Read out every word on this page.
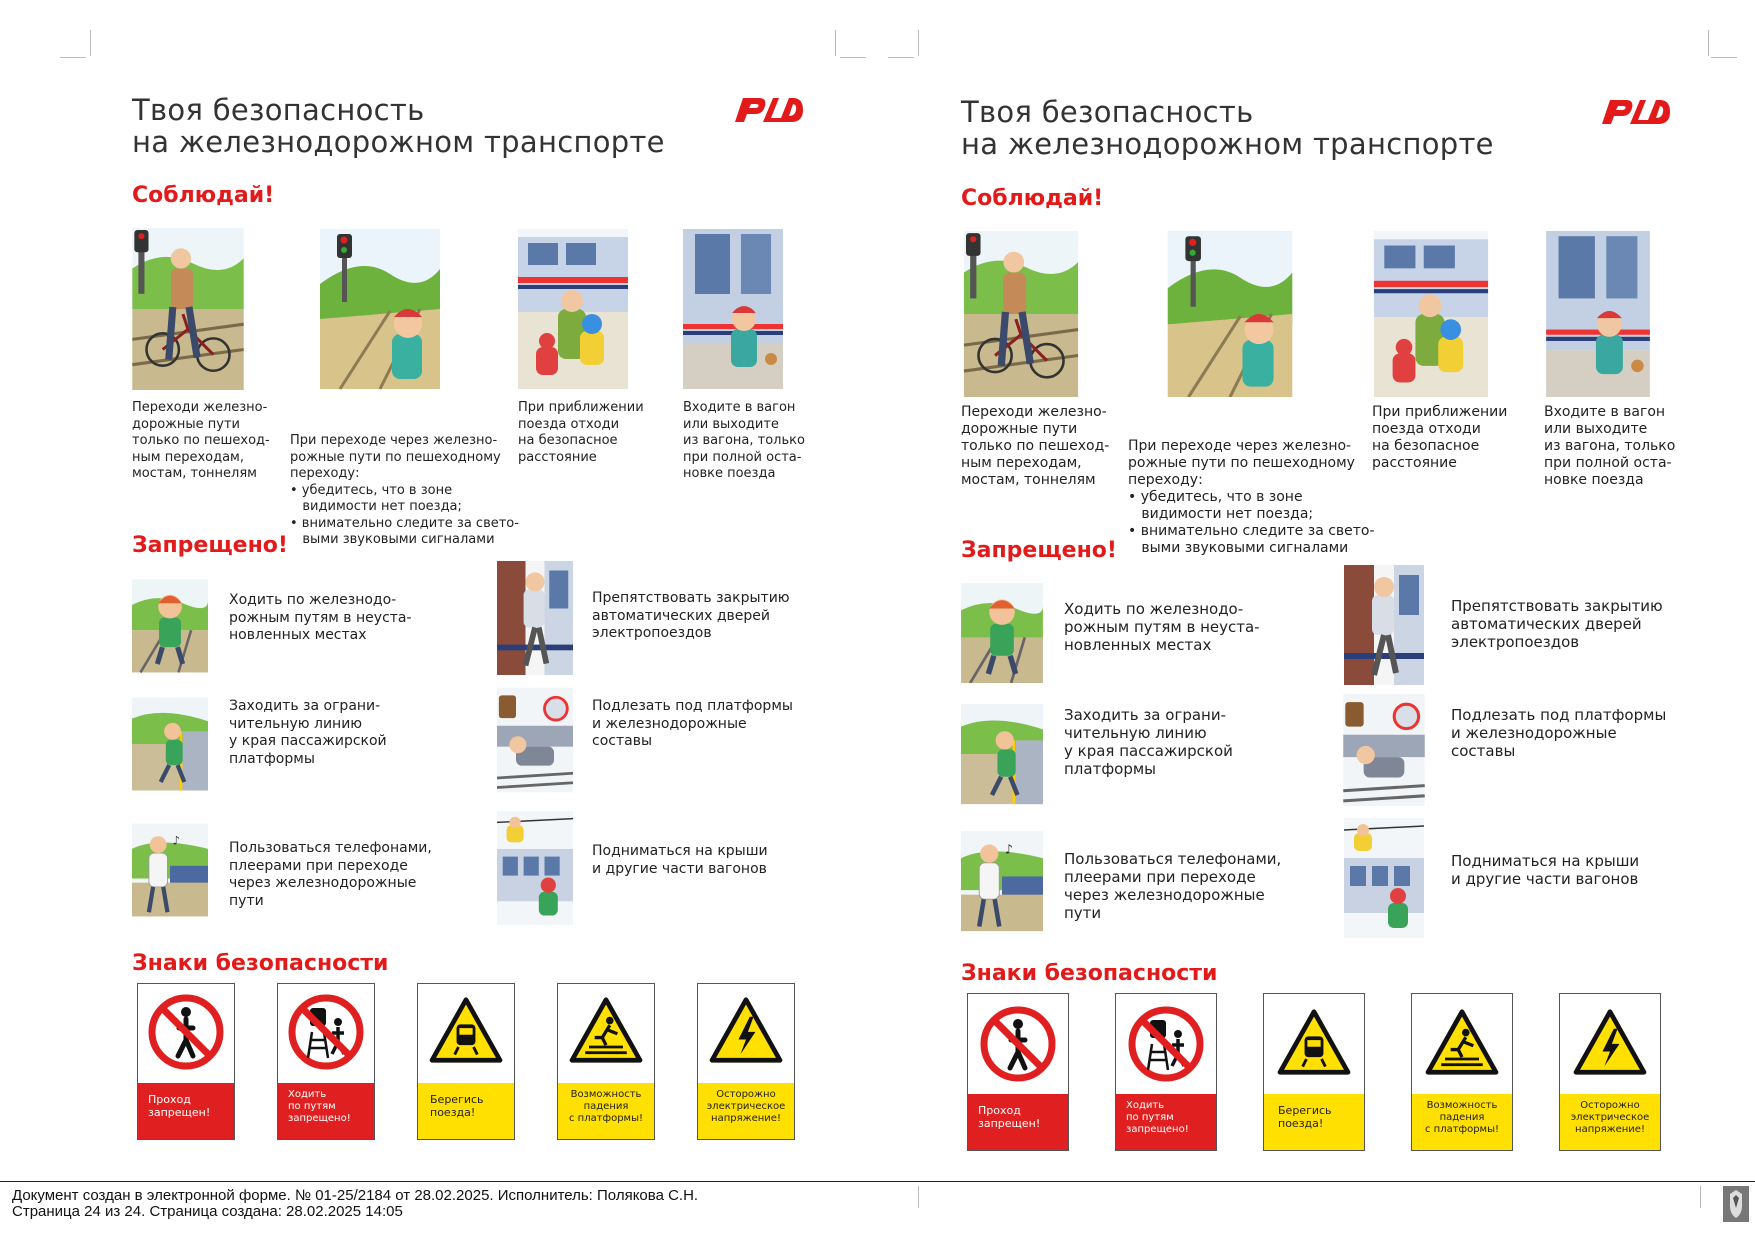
Твоя безопасность
на железнодорожном транспорте
Соблюдай!
Переходи железно-
дорожные пути
только по пешеход-
ным переходам,
мостам, тоннелям

При переходе через железно-
рожные пути по пешеходному
переходу:
• убедитесь, что в зоне
видимости нет поезда;
• внимательно следите за свето-
выми звуковыми сигналами

При приближении
поезда отходи
на безопасное
расстояние
Входите в вагон
или выходите
из вагона, только
при полной оста-
новке поезда
Запрещено!
Ходить по железнодо-
рожным путям в неуста-
новленных местах
Препятствовать закрытию
автоматических дверей
электропоездов
Заходить за ограни-
чительную линию
у края пассажирской
платформы
Подлезать под платформы
и железнодорожные
составы
Пользоваться телефонами,
плеерами при переходе
через железнодорожные
пути
Подниматься на крыши
и другие части вагонов
Знаки безопасности
Проход
запрещен!
Ходить
по путям
запрещено!
Берегись
поезда!
Возможность
падения
с платформы!
Осторожно
электрическое
напряжение!
Твоя безопасность
на железнодорожном транспорте
Соблюдай!
Переходи железно-
дорожные пути
только по пешеход-
ным переходам,
мостам, тоннелям

При переходе через железно-
рожные пути по пешеходному
переходу:
• убедитесь, что в зоне
видимости нет поезда;
• внимательно следите за свето-
выми звуковыми сигналами

При приближении
поезда отходи
на безопасное
расстояние
Входите в вагон
или выходите
из вагона, только
при полной оста-
новке поезда
Запрещено!
Ходить по железнодо-
рожным путям в неуста-
новленных местах
Препятствовать закрытию
автоматических дверей
электропоездов
Заходить за ограни-
чительную линию
у края пассажирской
платформы
Подлезать под платформы
и железнодорожные
составы
Пользоваться телефонами,
плеерами при переходе
через железнодорожные
пути
Подниматься на крыши
и другие части вагонов
Знаки безопасности
Проход
запрещен!
Ходить
по путям
запрещено!
Берегись
поезда!
Возможность
падения
с платформы!
Осторожно
электрическое
напряжение!
Документ создан в электронной форме. № 01-25/2184 от 28.02.2025. Исполнитель: Полякова С.Н.
Страница 24 из 24. Страница создана: 28.02.2025 14:05
